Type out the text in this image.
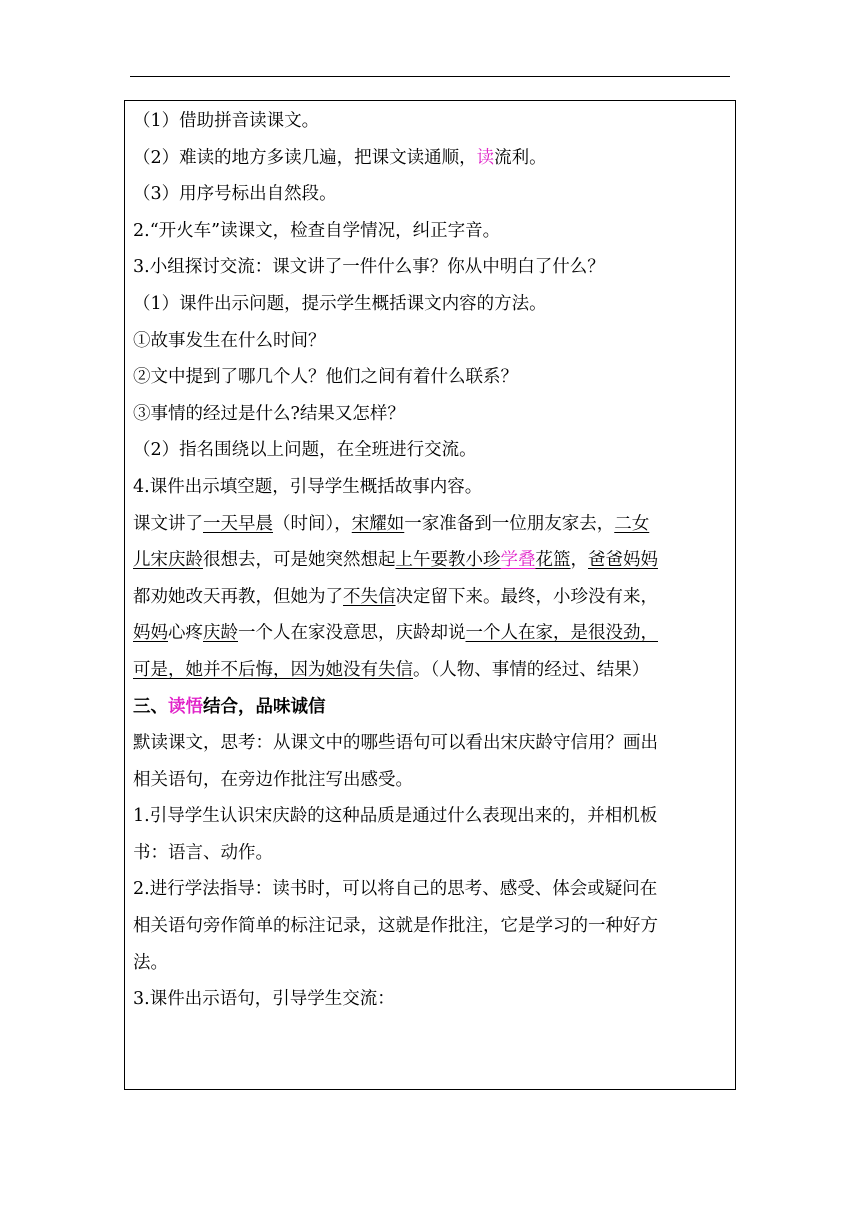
（1）借助拼音读课文。
（2）难读的地方多读几遍，把课文读通顺，读流利。
（3）用序号标出自然段。
2.“开火车”读课文，检查自学情况，纠正字音。
3.小组探讨交流：课文讲了一件什么事？你从中明白了什么？
（1）课件出示问题，提示学生概括课文内容的方法。
①故事发生在什么时间？
②文中提到了哪几个人？他们之间有着什么联系？
③事情的经过是什么?结果又怎样？
（2）指名围绕以上问题，在全班进行交流。
4.课件出示填空题，引导学生概括故事内容。
课文讲了一天早晨（时间），宋耀如一家准备到一位朋友家去，二女
儿宋庆龄很想去，可是她突然想起上午要教小珍学叠花篮，爸爸妈妈
都劝她改天再教，但她为了不失信决定留下来。最终，小珍没有来，
妈妈心疼庆龄一个人在家没意思，庆龄却说一个人在家，是很没劲，
可是，她并不后悔，因为她没有失信。（人物、事情的经过、结果）
三、读悟结合，品味诚信
默读课文，思考：从课文中的哪些语句可以看出宋庆龄守信用？画出
相关语句，在旁边作批注写出感受。
1.引导学生认识宋庆龄的这种品质是通过什么表现出来的，并相机板
书：语言、动作。
2.进行学法指导：读书时，可以将自己的思考、感受、体会或疑问在
相关语句旁作简单的标注记录，这就是作批注，它是学习的一种好方
法。
3.课件出示语句，引导学生交流：
